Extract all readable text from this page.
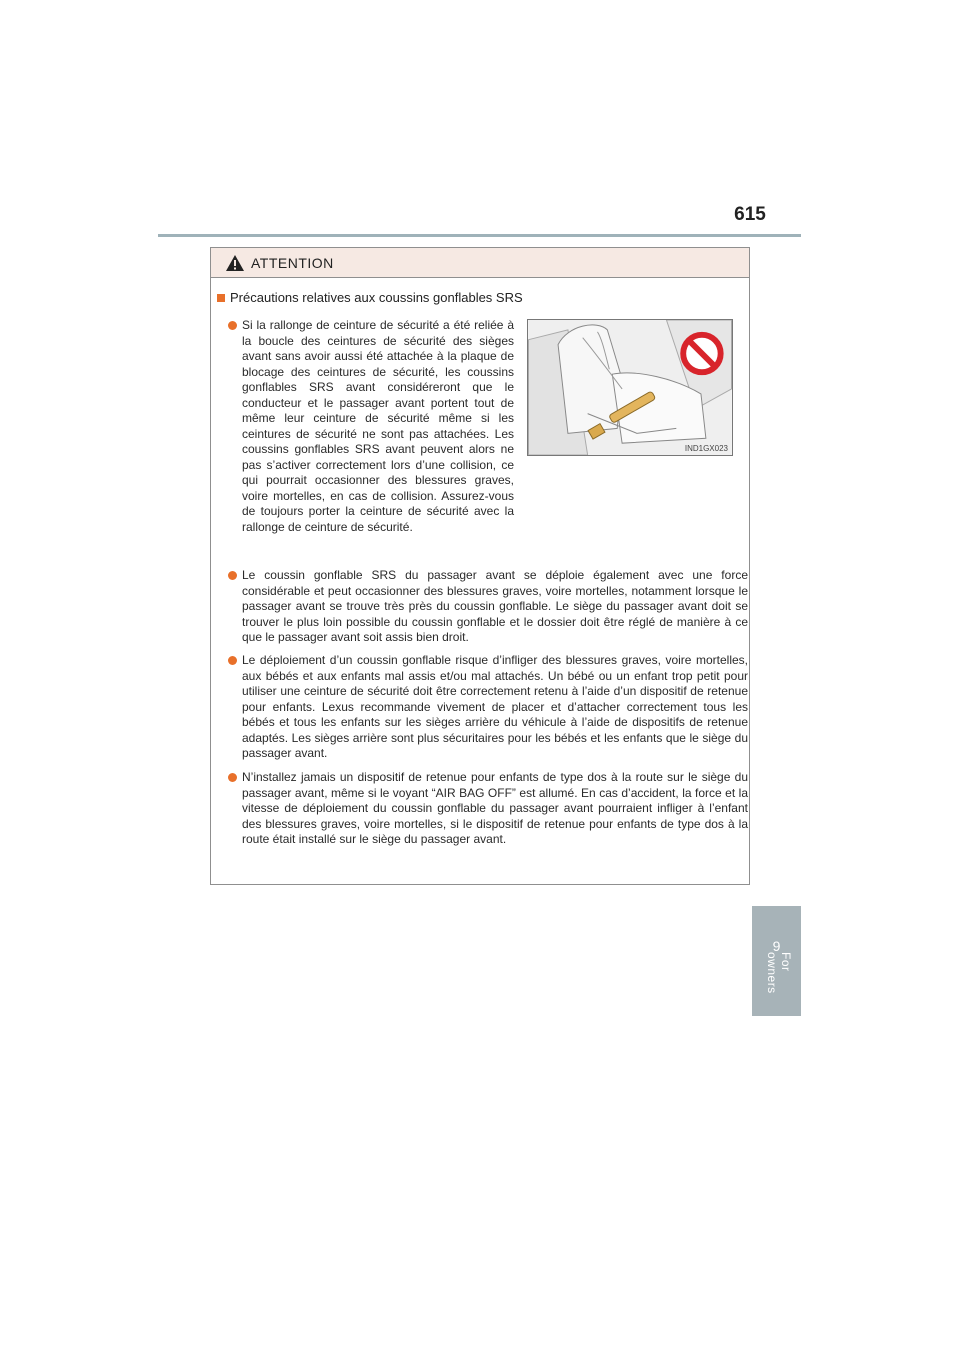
615
9
For owners
ATTENTION
Précautions relatives aux coussins gonflables SRS
Si la rallonge de ceinture de sécurité a été reliée à la boucle des ceintures de sécurité des sièges avant sans avoir aussi été attachée à la plaque de blocage des ceintures de sécurité, les coussins gonflables SRS avant considéreront que le conducteur et le passager avant portent tout de même leur ceinture de sécurité même si les ceintures de sécurité ne sont pas attachées. Les coussins gonflables SRS avant peuvent alors ne pas s’activer correctement lors d’une collision, ce qui pourrait occasionner des blessures graves, voire mortelles, en cas de collision. Assurez-vous de toujours porter la ceinture de sécurité avec la rallonge de ceinture de sécurité.
IND1GX023
Le coussin gonflable SRS du passager avant se déploie également avec une force considérable et peut occasionner des blessures graves, voire mortelles, notamment lorsque le passager avant se trouve très près du coussin gonflable. Le siège du passager avant doit se trouver le plus loin possible du coussin gonflable et le dossier doit être réglé de manière à ce que le passager avant soit assis bien droit.
Le déploiement d’un coussin gonflable risque d’infliger des blessures graves, voire mortelles, aux bébés et aux enfants mal assis et/ou mal attachés. Un bébé ou un enfant trop petit pour utiliser une ceinture de sécurité doit être correctement retenu à l’aide d’un dispositif de retenue pour enfants. Lexus recommande vivement de placer et d’attacher correctement tous les bébés et tous les enfants sur les sièges arrière du véhicule à l’aide de dispositifs de retenue adaptés. Les sièges arrière sont plus sécuritaires pour les bébés et les enfants que le siège du passager avant.
N’installez jamais un dispositif de retenue pour enfants de type dos à la route sur le siège du passager avant, même si le voyant “AIR BAG OFF” est allumé. En cas d’accident, la force et la vitesse de déploiement du coussin gonflable du passager avant pourraient infliger à l’enfant des blessures graves, voire mortelles, si le dispositif de retenue pour enfants de type dos à la route était installé sur le siège du passager avant.
